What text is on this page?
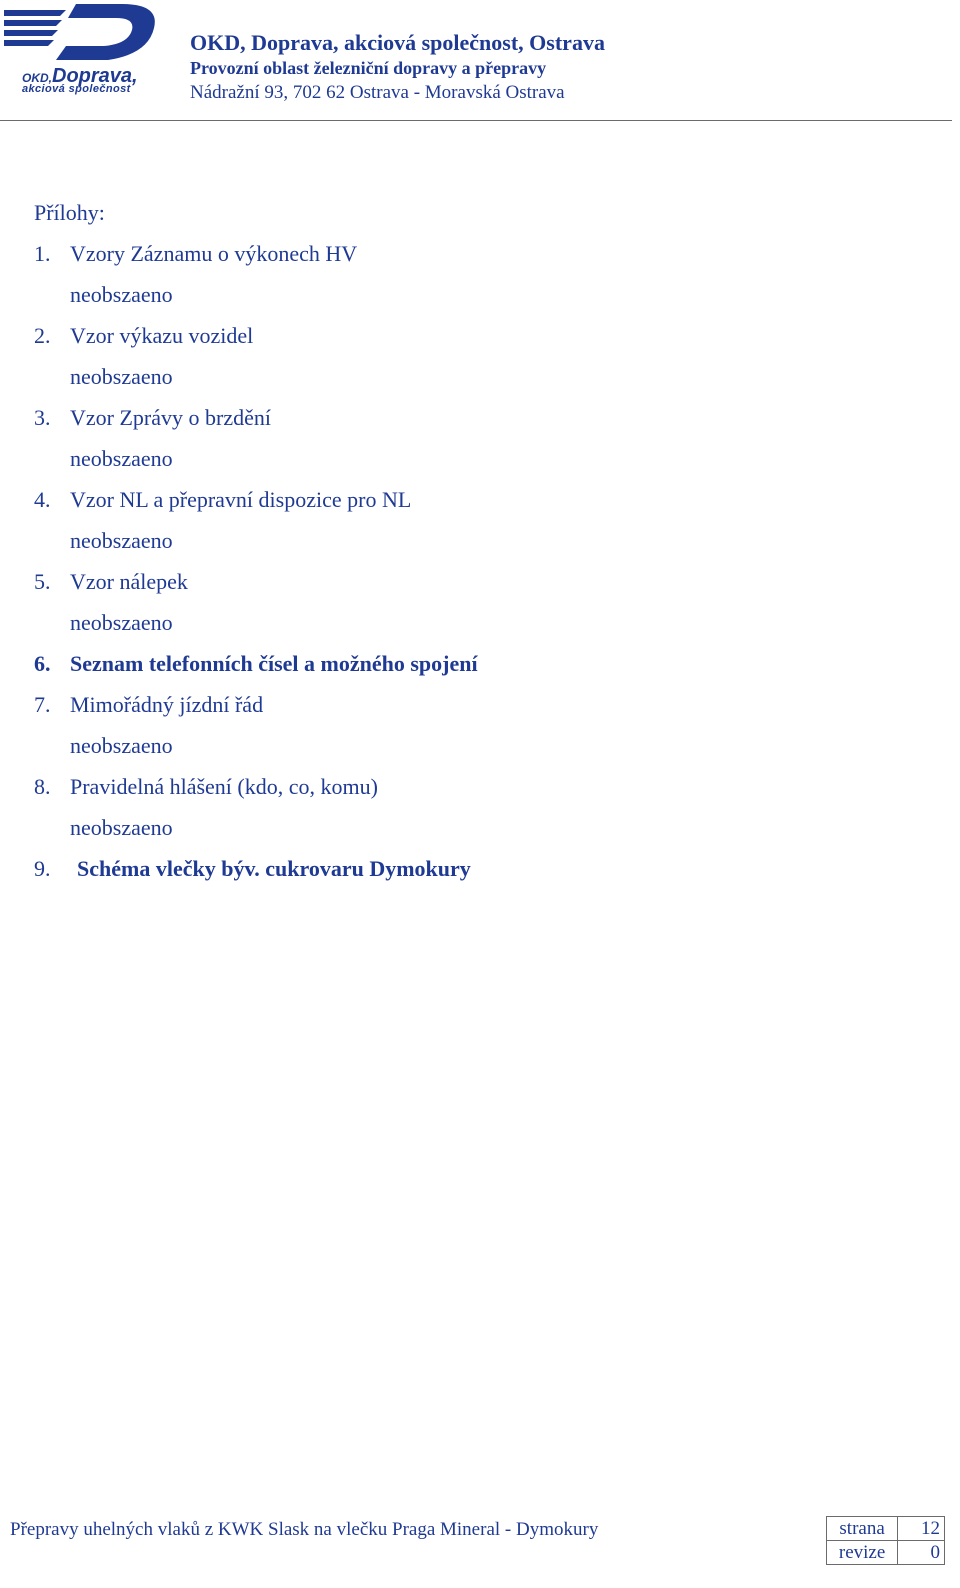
OKD,Doprava,
akciová společnost
OKD, Doprava, akciová společnost, Ostrava
Provozní oblast železniční dopravy a přepravy
Nádražní 93, 702 62 Ostrava - Moravská Ostrava
Přílohy:
1. Vzory Záznamu o výkonech HV
neobszaeno
2. Vzor výkazu vozidel
neobszaeno
3. Vzor Zprávy o brzdění
neobszaeno
4. Vzor NL a přepravní dispozice pro NL
neobszaeno
5. Vzor nálepek
neobszaeno
6. Seznam telefonních čísel a možného spojení
7. Mimořádný jízdní řád
neobszaeno
8. Pravidelná hlášení (kdo, co, komu)
neobszaeno
9. Schéma vlečky býv. cukrovaru Dymokury
Přepravy uhelných vlaků z KWK Slask na vlečku Praga Mineral - Dymokury	strana	12
revize	0
